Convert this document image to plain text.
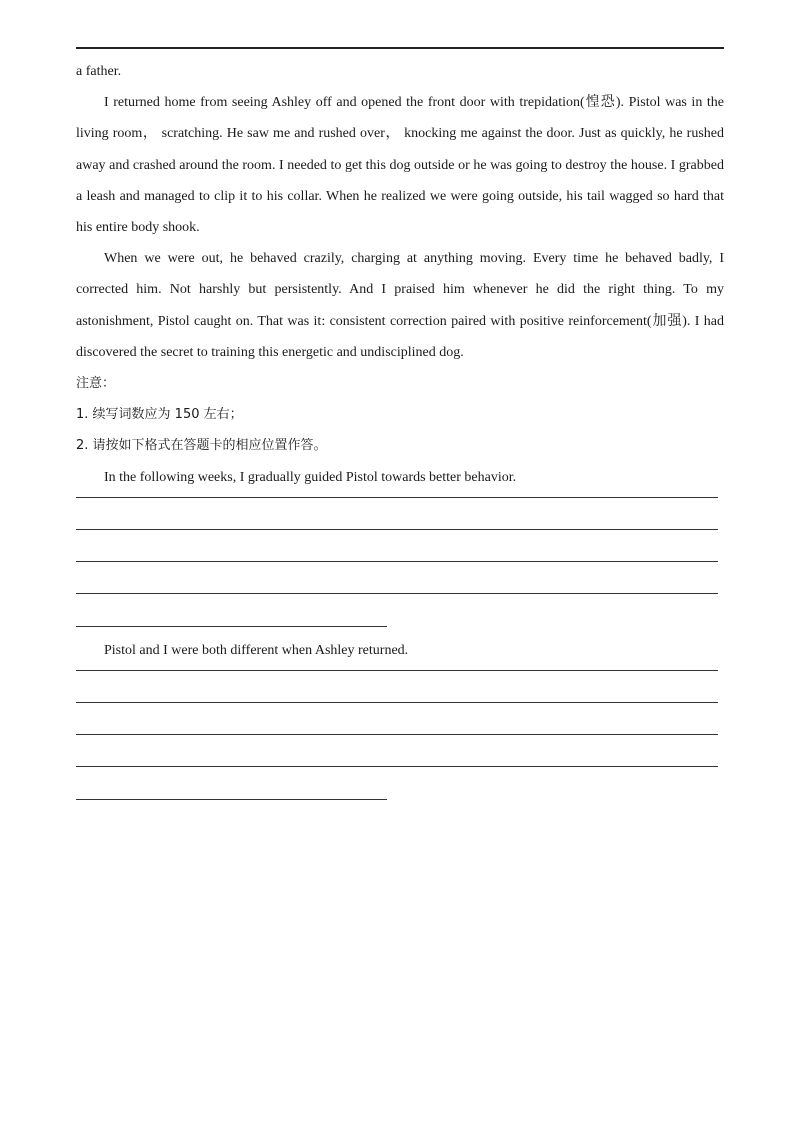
a father.

I returned home from seeing Ashley off and opened the front door with trepidation(惶恐). Pistol was in the living room， scratching. He saw me and rushed over， knocking me against the door. Just as quickly, he rushed away and crashed around the room. I needed to get this dog outside or he was going to destroy the house. I grabbed a leash and managed to clip it to his collar. When he realized we were going outside, his tail wagged so hard that his entire body shook.

When we were out, he behaved crazily, charging at anything moving. Every time he behaved badly, I corrected him. Not harshly but persistently. And I praised him whenever he did the right thing. To my astonishment, Pistol caught on. That was it: consistent correction paired with positive reinforcement(加强). I had discovered the secret to training this energetic and undisciplined dog.

注意：

1. 续写词数应为 150 左右；

2. 请按如下格式在答题卡的相应位置作答。

In the following weeks, I gradually guided Pistol towards better behavior.

Pistol and I were both different when Ashley returned.
